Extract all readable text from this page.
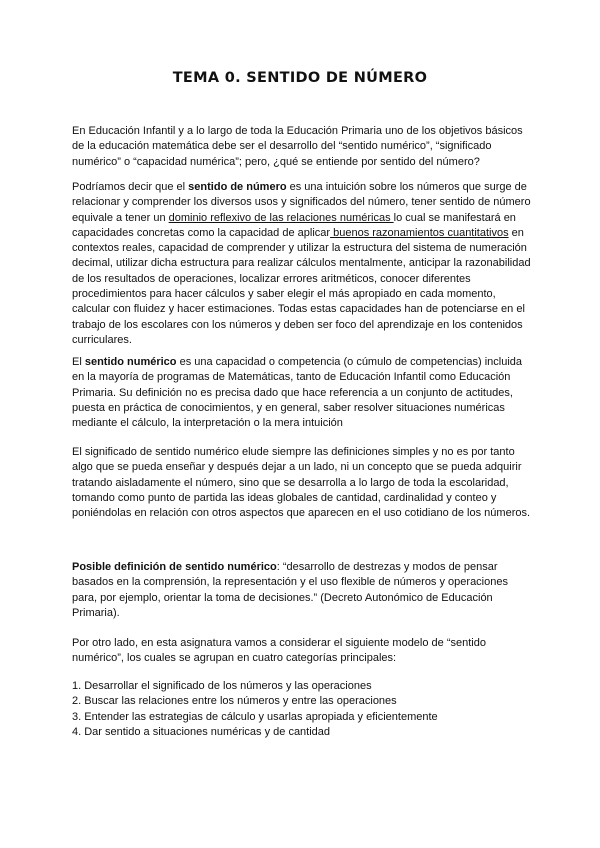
TEMA 0. SENTIDO DE NÚMERO
En Educación Infantil y a lo largo de toda la Educación Primaria uno de los objetivos básicos de la educación matemática debe ser el desarrollo del “sentido numérico”, “significado numérico” o “capacidad numérica”; pero, ¿qué se entiende por sentido del número?
Podríamos decir que el sentido de número es una intuición sobre los números que surge de relacionar y comprender los diversos usos y significados del número, tener sentido de número equivale a tener un dominio reflexivo de las relaciones numéricas lo cual se manifestará en capacidades concretas como la capacidad de aplicar buenos razonamientos cuantitativos en contextos reales, capacidad de comprender y utilizar la estructura del sistema de numeración decimal, utilizar dicha estructura para realizar cálculos mentalmente, anticipar la razonabilidad de los resultados de operaciones, localizar errores aritméticos, conocer diferentes procedimientos para hacer cálculos y saber elegir el más apropiado en cada momento, calcular con fluidez y hacer estimaciones. Todas estas capacidades han de potenciarse en el trabajo de los escolares con los números y deben ser foco del aprendizaje en los contenidos curriculares.
El sentido numérico es una capacidad o competencia (o cúmulo de competencias) incluida en la mayoría de programas de Matemáticas, tanto de Educación Infantil como Educación Primaria. Su definición no es precisa dado que hace referencia a un conjunto de actitudes, puesta en práctica de conocimientos, y en general, saber resolver situaciones numéricas mediante el cálculo, la interpretación o la mera intuición
El significado de sentido numérico elude siempre las definiciones simples y no es por tanto algo que se pueda enseñar y después dejar a un lado, ni un concepto que se pueda adquirir tratando aisladamente el número, sino que se desarrolla a lo largo de toda la escolaridad, tomando como punto de partida las ideas globales de cantidad, cardinalidad y conteo y poniéndolas en relación con otros aspectos que aparecen en el uso cotidiano de los números.
Posible definición de sentido numérico: “desarrollo de destrezas y modos de pensar basados en la comprensión, la representación y el uso flexible de números y operaciones para, por ejemplo, orientar la toma de decisiones.” (Decreto Autonómico de Educación Primaria).
Por otro lado, en esta asignatura vamos a considerar el siguiente modelo de “sentido numérico”, los cuales se agrupan en cuatro categorías principales:
1. Desarrollar el significado de los números y las operaciones
2. Buscar las relaciones entre los números y entre las operaciones
3. Entender las estrategias de cálculo y usarlas apropiada y eficientemente
4. Dar sentido a situaciones numéricas y de cantidad
